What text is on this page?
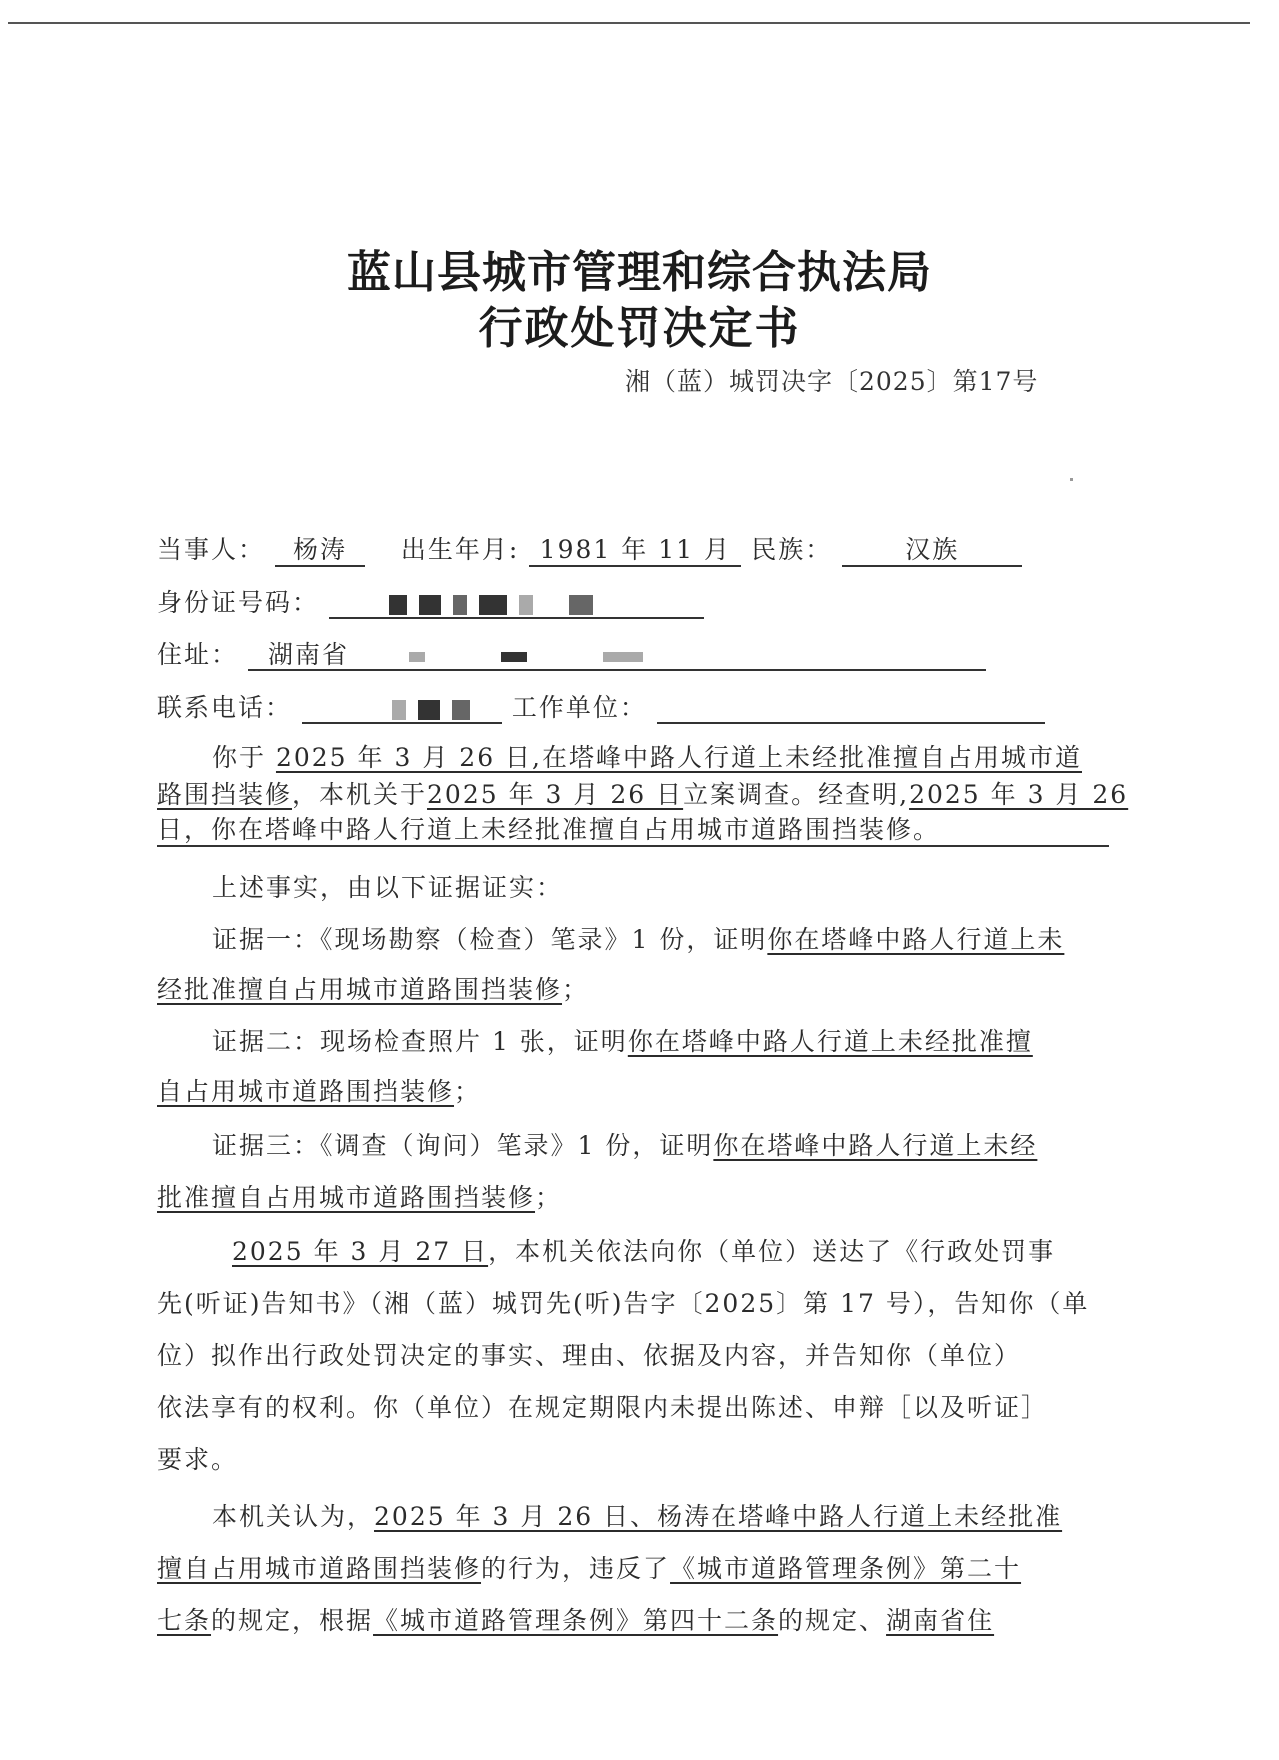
蓝山县城市管理和综合执法局
行政处罚决定书
湘（蓝）城罚决字〔2025〕第17号
当事人： 杨涛 出生年月: 1981 年 11 月 民族：	汉族
身份证号码：
住址： 湖南省
联系电话：	工作单位：
你于 2025 年 3 月 26 日,在塔峰中路人行道上未经批准擅自占用城市道
路围挡装修，本机关于2025 年 3 月 26 日立案调查。经查明,2025 年 3 月 26
日，你在塔峰中路人行道上未经批准擅自占用城市道路围挡装修。
上述事实，由以下证据证实：
证据一：《现场勘察（检查）笔录》1 份，证明你在塔峰中路人行道上未
经批准擅自占用城市道路围挡装修；
证据二：现场检查照片 1 张，证明你在塔峰中路人行道上未经批准擅
自占用城市道路围挡装修；
证据三：《调查（询问）笔录》1 份，证明你在塔峰中路人行道上未经
批准擅自占用城市道路围挡装修；
2025 年 3 月 27 日，本机关依法向你（单位）送达了《行政处罚事
先(听证)告知书》（湘（蓝）城罚先(听)告字〔2025〕第 17 号），告知你（单
位）拟作出行政处罚决定的事实、理由、依据及内容，并告知你（单位）
依法享有的权利。你（单位）在规定期限内未提出陈述、申辩［以及听证］
要求。
本机关认为，2025 年 3 月 26 日、杨涛在塔峰中路人行道上未经批准
擅自占用城市道路围挡装修的行为，违反了《城市道路管理条例》第二十
七条的规定，根据《城市道路管理条例》第四十二条的规定、湖南省住
